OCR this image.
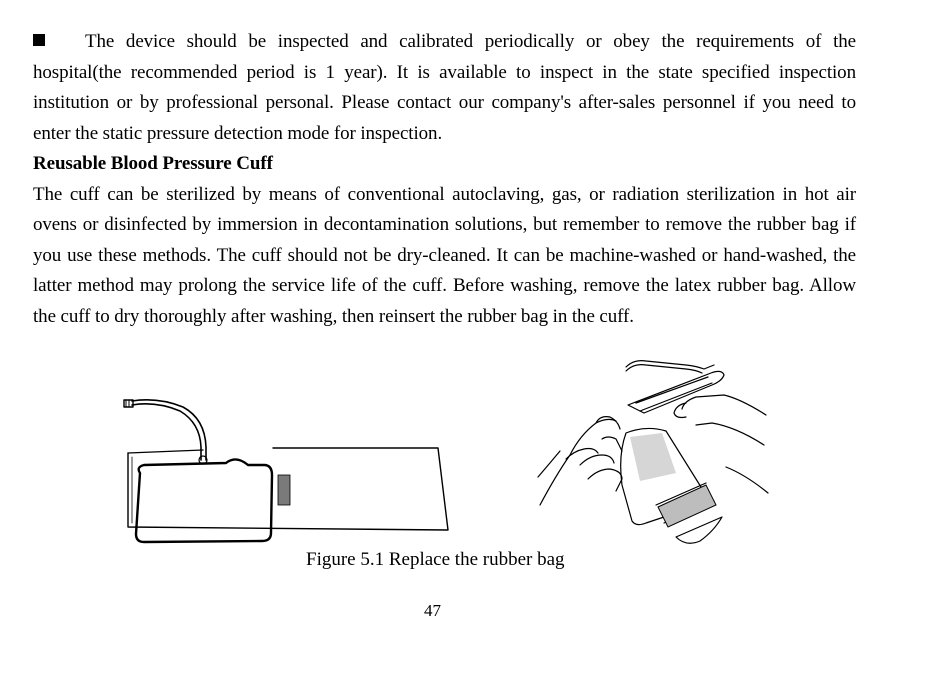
The device should be inspected and calibrated periodically or obey the requirements of the hospital(the recommended period is 1 year). It is available to inspect in the state specified inspection institution or by professional personal. Please contact our company's after-sales personnel if you need to enter the static pressure detection mode for inspection.

Reusable Blood Pressure Cuff

The cuff can be sterilized by means of conventional autoclaving, gas, or radiation sterilization in hot air ovens or disinfected by immersion in decontamination solutions, but remember to remove the rubber bag if you use these methods. The cuff should not be dry-cleaned. It can be machine-washed or hand-washed, the latter method may prolong the service life of the cuff. Before washing, remove the latex rubber bag. Allow the cuff to dry thoroughly after washing, then reinsert the rubber bag in the cuff.

Figure 5.1 Replace the rubber bag
47
